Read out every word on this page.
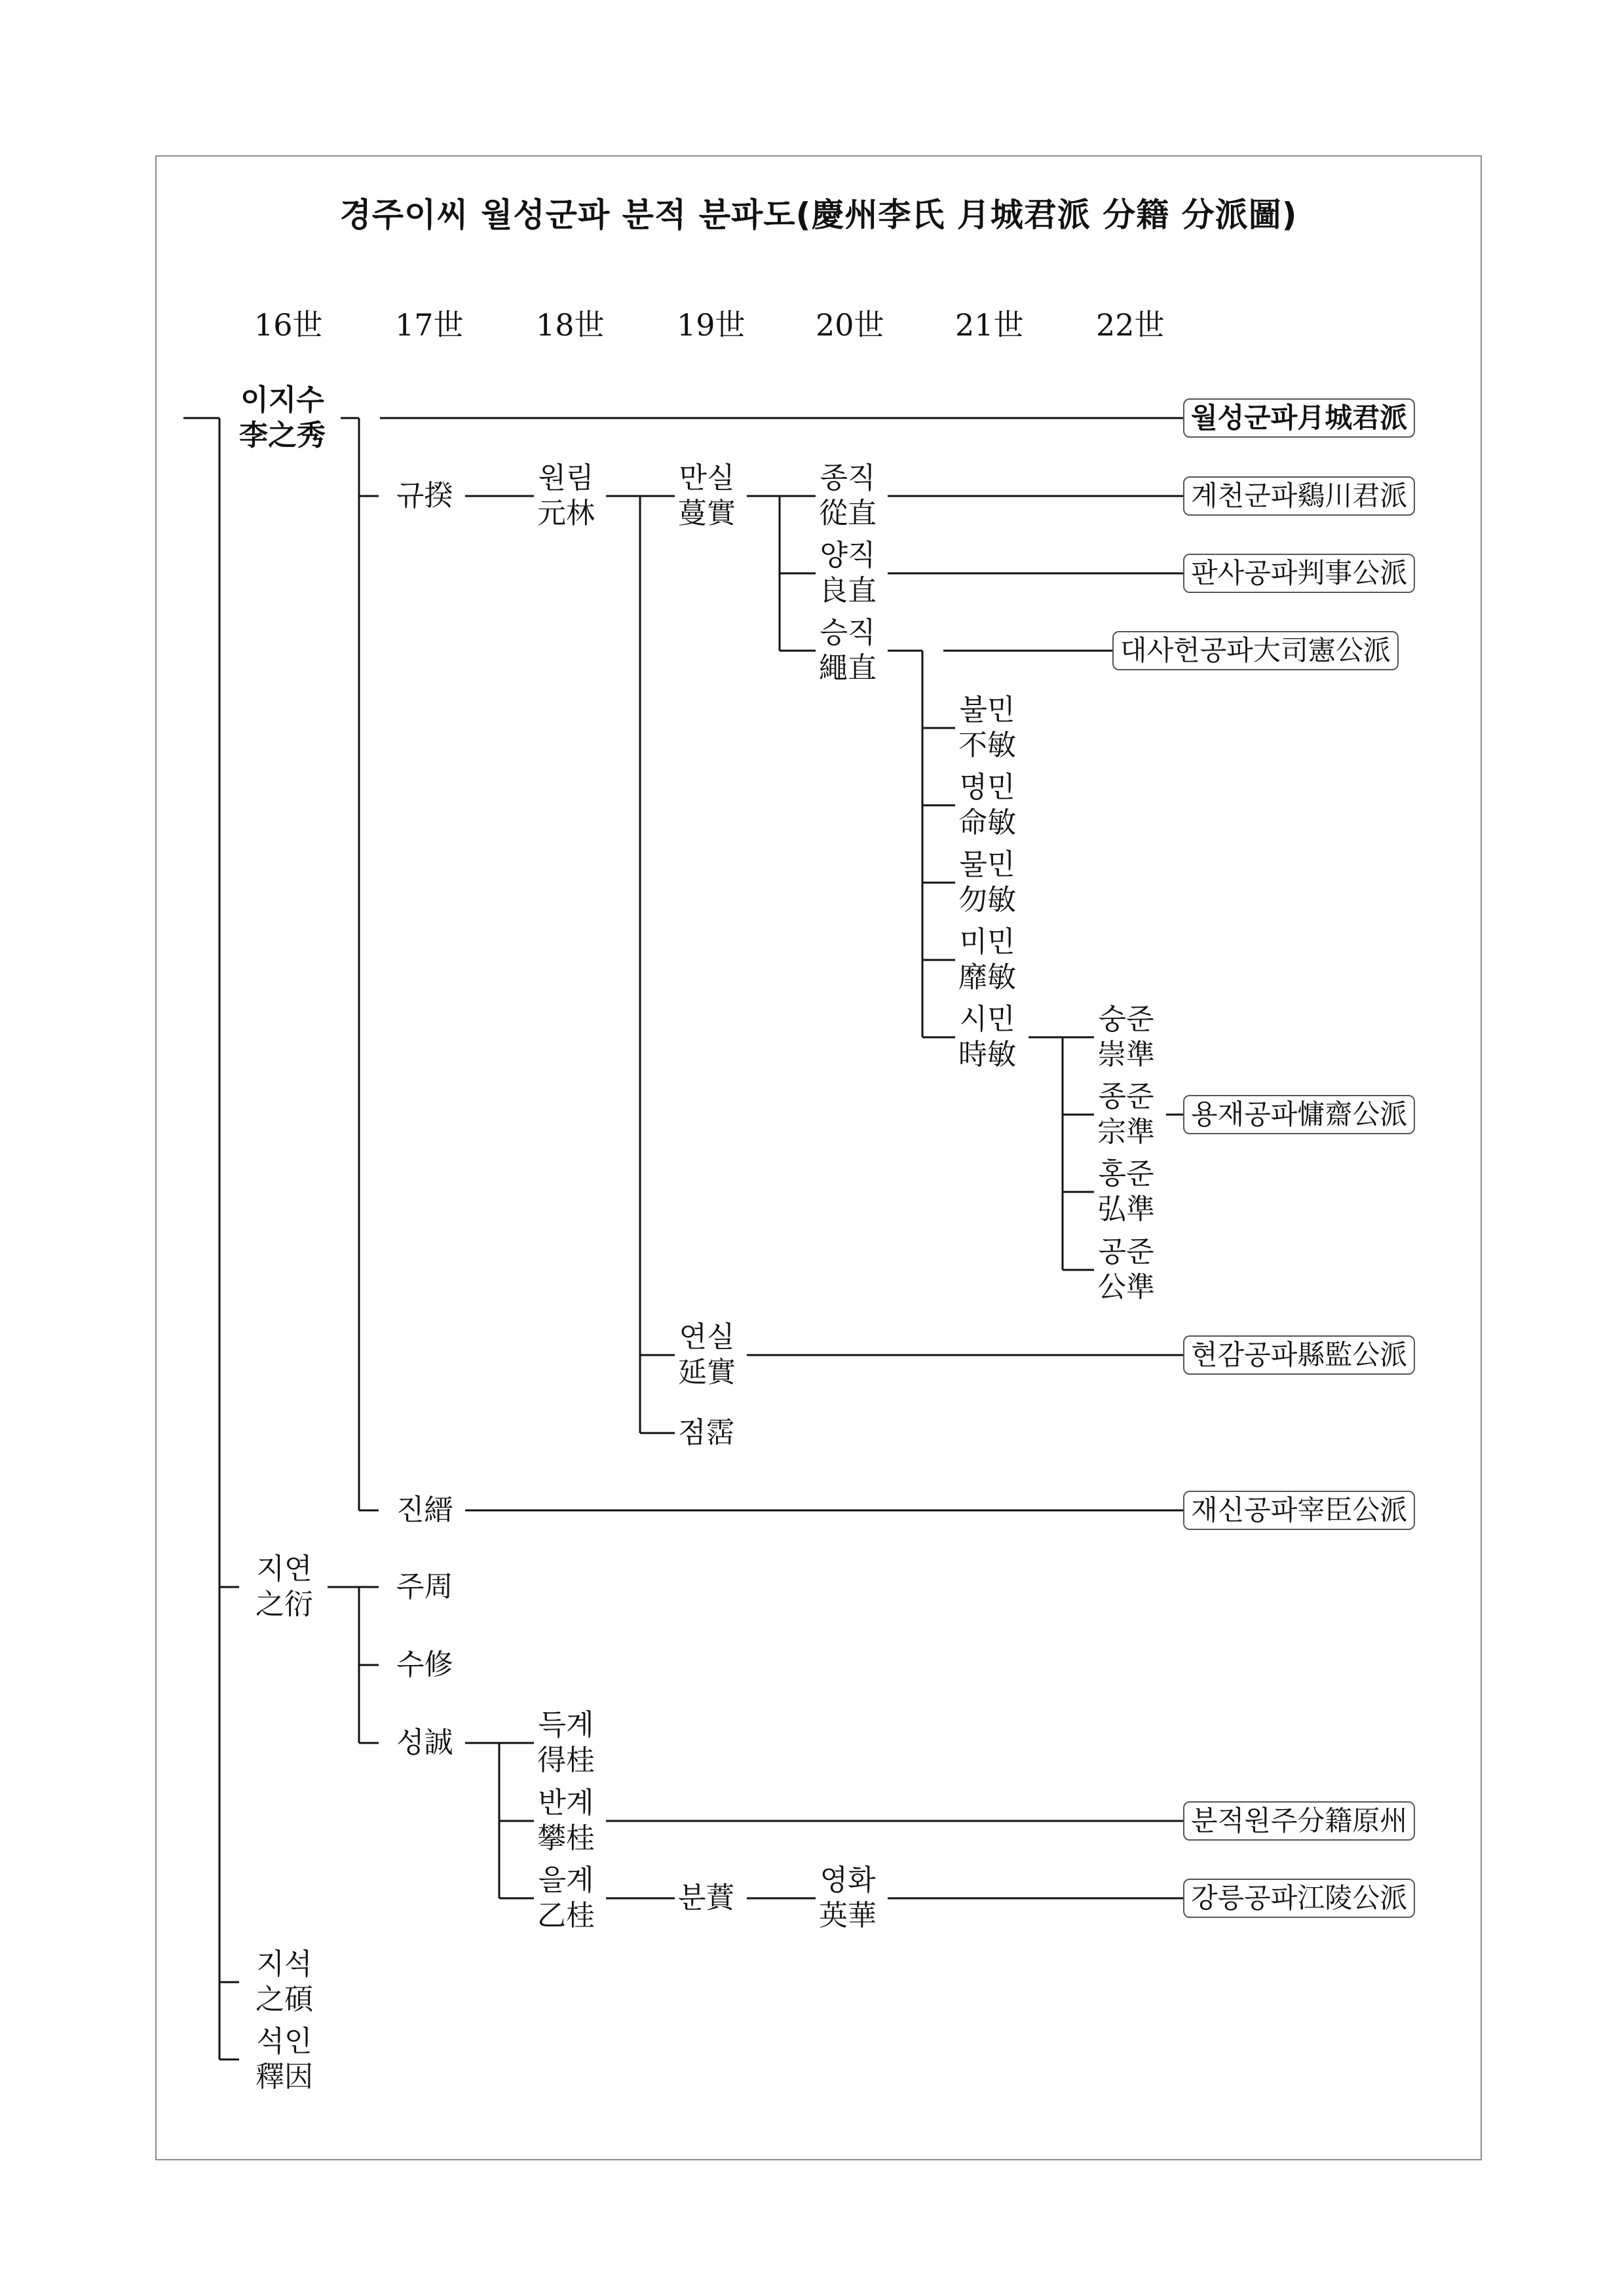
경주이씨 월성군파 분적 분파도(慶州李氏 月城君派 分籍 分派圖)
16世 17世 18世 19世 20世 21世 22世
이지수
李之秀
규揆
원림
元林
만실
蔓實
종직
從直
양직
良直
승직
繩直
불민
不敏
명민
命敏
물민
勿敏
미민
靡敏
시민
時敏
숭준
崇準
종준
宗準
홍준
弘準
공준
公準
연실
延實
점霑
진縉
지연
之衍
주周
수修
성誠
득계
得桂
반계
攀桂
을계
乙桂
분蕡
영화
英華
지석
之碩
석인
釋因
월성군파月城君派
계천군파鷄川君派
판사공파判事公派
대사헌공파大司憲公派
용재공파慵齋公派
현감공파縣監公派
재신공파宰臣公派
분적원주分籍原州
강릉공파江陵公派
